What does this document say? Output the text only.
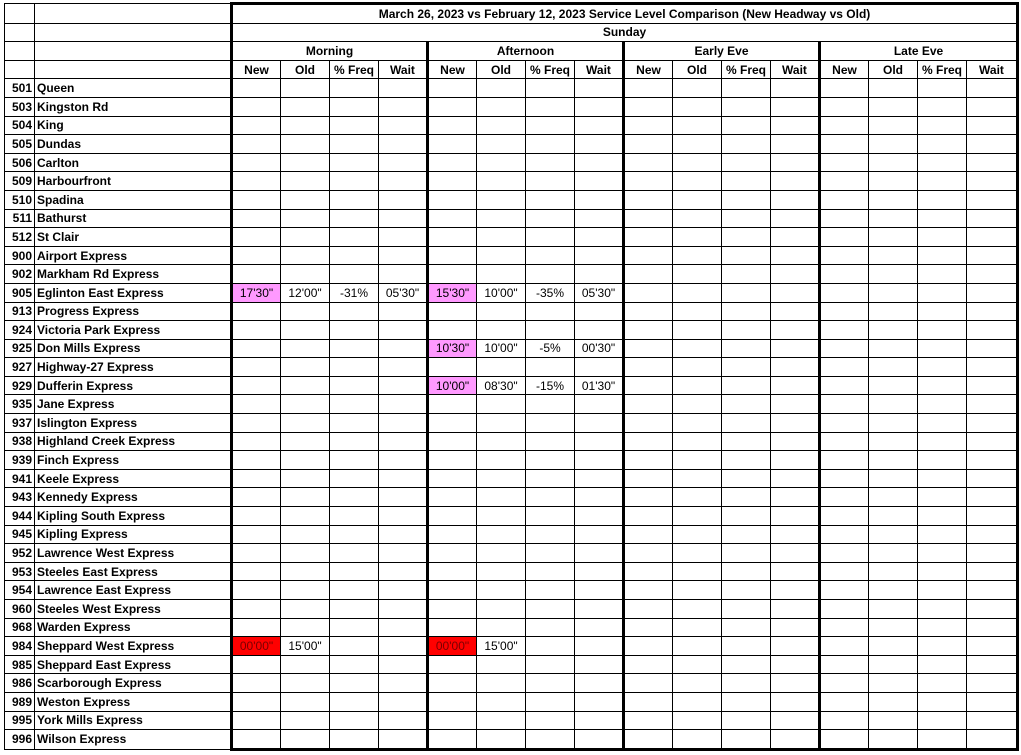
		March 26, 2023 vs February 12, 2023 Service Level Comparison (New Headway vs Old)															
		Sunday															
		Morning				Afternoon				Early Eve				Late Eve			
		New	Old	% Freq	Wait	New	Old	% Freq	Wait	New	Old	% Freq	Wait	New	Old	% Freq	Wait
501	Queen																
503	Kingston Rd																
504	King																
505	Dundas																
506	Carlton																
509	Harbourfront																
510	Spadina																
511	Bathurst																
512	St Clair																
900	Airport Express																
902	Markham Rd Express																
905	Eglinton East Express	17'30"	12'00"	-31%	05'30"	15'30"	10'00"	-35%	05'30"								
913	Progress Express																
924	Victoria Park Express																
925	Don Mills Express					10'30"	10'00"	-5%	00'30"								
927	Highway-27 Express																
929	Dufferin Express					10'00"	08'30"	-15%	01'30"								
935	Jane Express																
937	Islington Express																
938	Highland Creek Express																
939	Finch Express																
941	Keele Express																
943	Kennedy Express																
944	Kipling South Express																
945	Kipling Express																
952	Lawrence West Express																
953	Steeles East Express																
954	Lawrence East Express																
960	Steeles West Express																
968	Warden Express																
984	Sheppard West Express	00'00"	15'00"			00'00"	15'00"										
985	Sheppard East Express																
986	Scarborough Express																
989	Weston Express																
995	York Mills Express																
996	Wilson Express																
